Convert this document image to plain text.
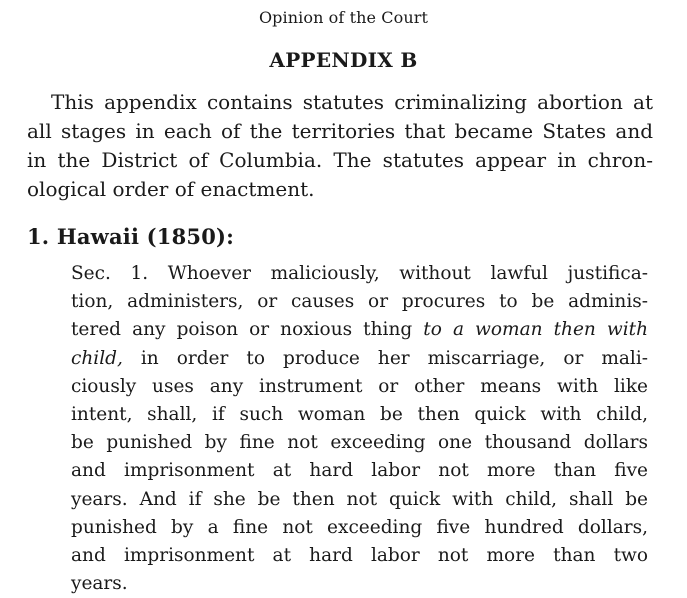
Opinion of the Court
APPENDIX B

This appendix contains statutes criminalizing abortion at
all stages in each of the territories that became States and
in the District of Columbia. The statutes appear in chron-
ological order of enactment.

1. Hawaii (1850):

Sec. 1. Whoever maliciously, without lawful justifica-
tion, administers, or causes or procures to be adminis-
tered any poison or noxious thing to a woman then with
child, in order to produce her miscarriage, or mali-
ciously uses any instrument or other means with like
intent, shall, if such woman be then quick with child,
be punished by fine not exceeding one thousand dollars
and imprisonment at hard labor not more than five
years. And if she be then not quick with child, shall be
punished by a fine not exceeding five hundred dollars,
and imprisonment at hard labor not more than two
years.
